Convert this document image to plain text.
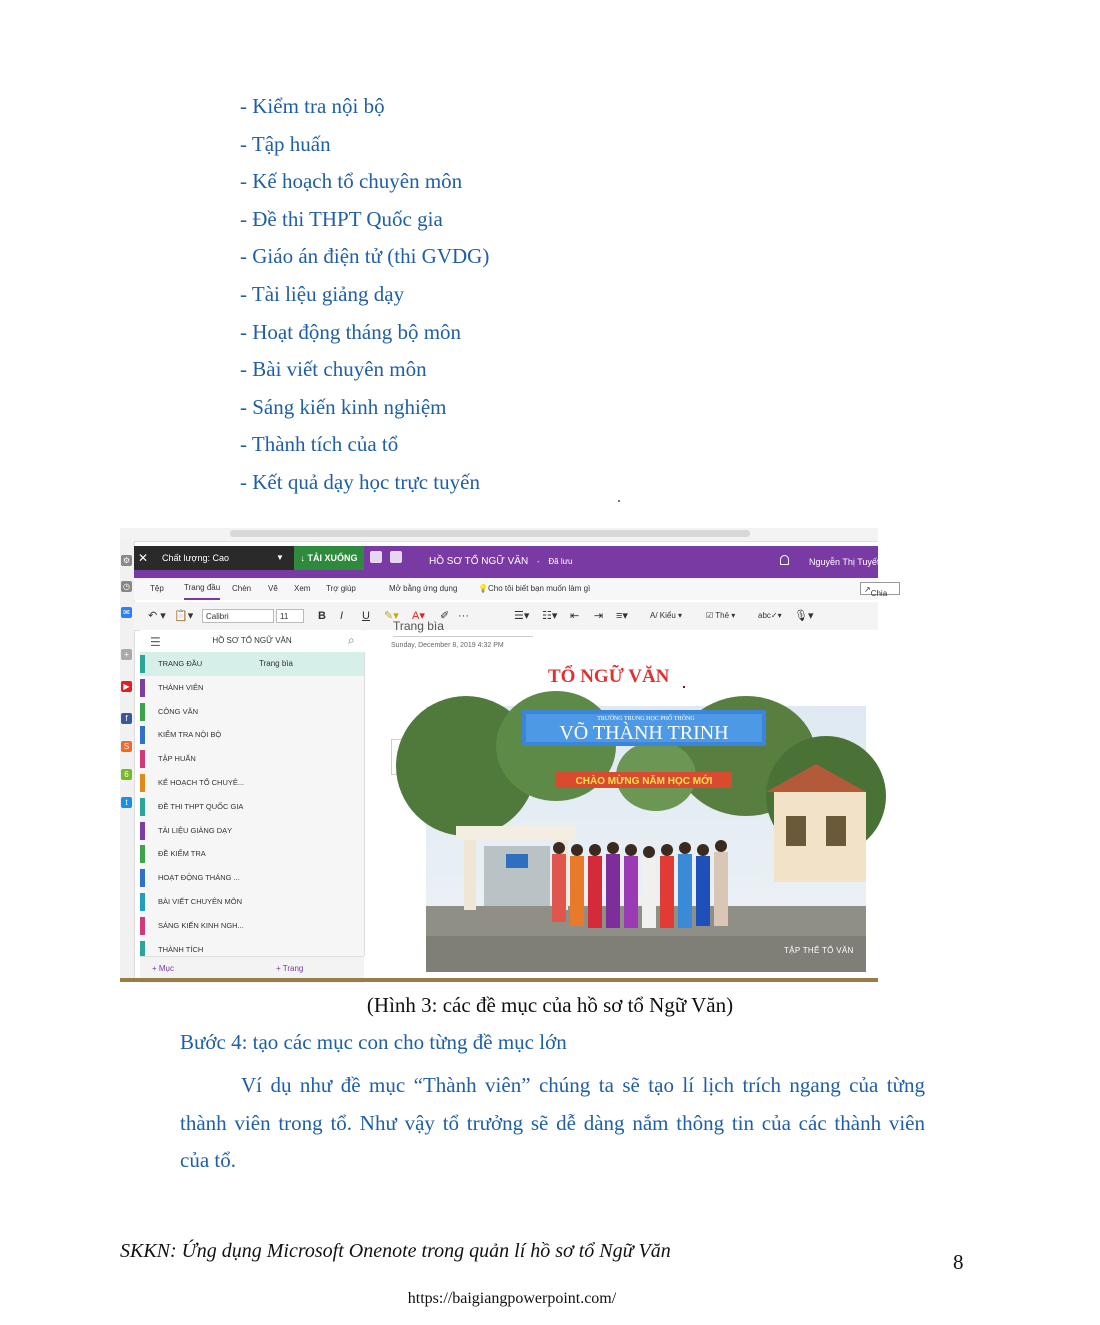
- Kiểm tra nội bộ
- Tập huấn
- Kế hoạch tổ chuyên môn
- Đề thi THPT Quốc gia
- Giáo án điện tử (thi GVDG)
- Tài liệu giảng dạy
- Hoạt động tháng bộ môn
- Bài viết chuyên môn
- Sáng kiến kinh nghiệm
- Thành tích của tổ
- Kết quả dạy học trực tuyến
⚙
◷
✉
+
▶
f
S
6
t
✕ Chất lượng: Cao	▼	↓ TẢI XUỐNG	HỒ SƠ TỔ NGỮ VĂN - Đã lưu	Nguyễn Thị Tuyết Nhung
Tệp	Trang đầu Chèn Vẽ Xem Trợ giúp	Mở bằng ứng dụng	💡 Cho tôi biết bạn muốn làm gì	↗ Chia
↶ ▾ 📋▾	Calibri	11	B I U ✎▾ A▾ ✐ ···	☰▾ ☷▾ ⇤ ⇥ ≡▾	A/ Kiểu ▾	☑ Thẻ ▾	abc✓▾ 🎙▾
☰	HỒ SƠ TỔ NGỮ VĂN	⌕
TRANG ĐẦU
THÀNH VIÊN
CÔNG VĂN
KIỂM TRA NỘI BỘ
TẬP HUẤN
KẾ HOẠCH TỔ CHUYÊ...
ĐỀ THI THPT QUỐC GIA
TÀI LIỆU GIẢNG DẠY
ĐỀ KIỂM TRA
HOẠT ĐỘNG THÁNG ...
BÀI VIẾT CHUYÊN MÔN
SÁNG KIẾN KINH NGH...
THÀNH TÍCH
Trang bìa
+ Mục	+ Trang
Trang bìa
Sunday, December 8, 2019 4:32 PM
TỔ NGỮ VĂN
TRƯỜNG TRUNG HỌC PHỔ THÔNG
VÕ THÀNH TRINH
CHÀO MỪNG NĂM HỌC MỚI
TẬP THỂ TỔ VĂN
(Hình 3: các đề mục của hồ sơ tổ Ngữ Văn)
Bước 4: tạo các mục con cho từng đề mục lớn
Ví dụ như đề mục “Thành viên” chúng ta sẽ tạo lí lịch trích ngang của từng
thành viên trong tổ. Như vậy tổ trưởng sẽ dễ dàng nắm thông tin của các thành viên
của tổ.
SKKN: Ứng dụng Microsoft Onenote trong quản lí hồ sơ tổ Ngữ Văn	8
https://baigiangpowerpoint.com/
